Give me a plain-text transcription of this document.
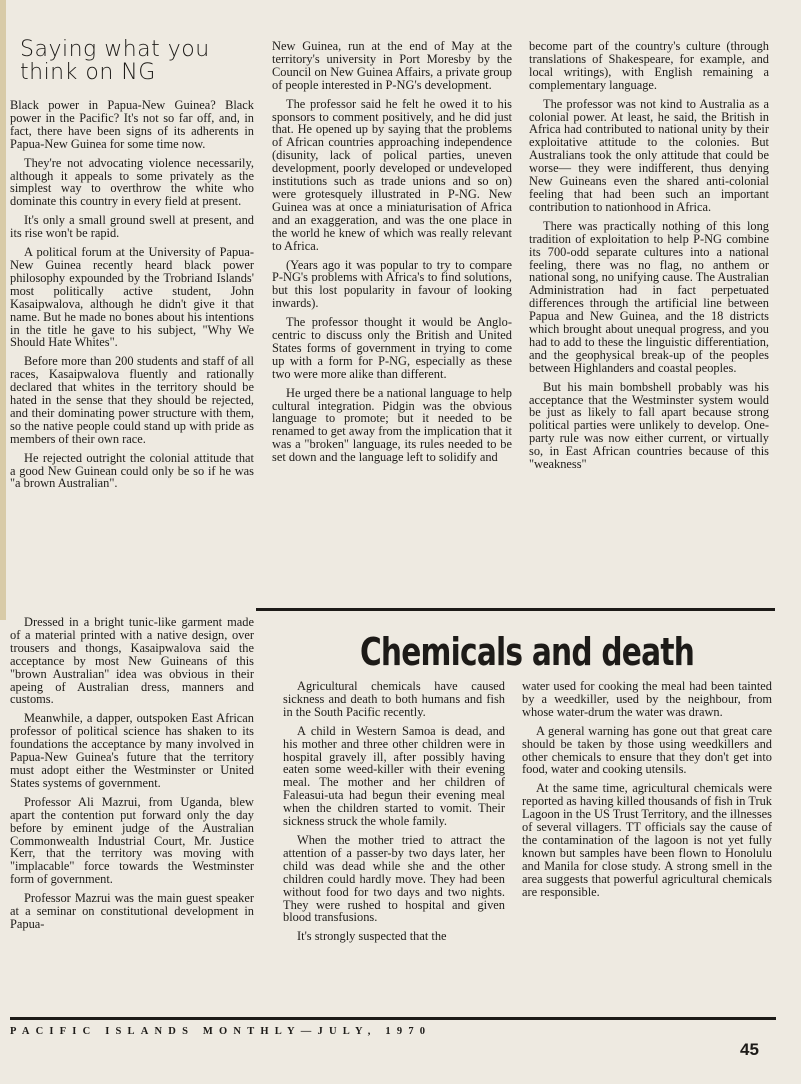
Saying what you think on NG

Black power in Papua-New Guinea? Black power in the Pacific? It's not so far off, and, in fact, there have been signs of its adherents in Papua-New Guinea for some time now.

They're not advocating violence necessarily, although it appeals to some privately as the simplest way to overthrow the white who dominate this country in every field at present.

It's only a small ground swell at present, and its rise won't be rapid.

A political forum at the University of Papua-New Guinea recently heard black power philosophy expounded by the Trobriand Islands' most politically active student, John Kasaipwalova, although he didn't give it that name. But he made no bones about his intentions in the title he gave to his subject, "Why We Should Hate Whites".

Before more than 200 students and staff of all races, Kasaipwalova fluently and rationally declared that whites in the territory should be hated in the sense that they should be rejected, and their dominating power structure with them, so the native people could stand up with pride as members of their own race.

He rejected outright the colonial attitude that a good New Guinean could only be so if he was "a brown Australian".

Dressed in a bright tunic-like garment made of a material printed with a native design, over trousers and thongs, Kasaipwalova said the acceptance by most New Guineans of this "brown Australian" idea was obvious in their apeing of Australian dress, manners and customs.

Meanwhile, a dapper, outspoken East African professor of political science has shaken to its foundations the acceptance by many involved in Papua-New Guinea's future that the territory must adopt either the Westminster or United States systems of government.

Professor Ali Mazrui, from Uganda, blew apart the contention put forward only the day before by eminent judge of the Australian Commonwealth Industrial Court, Mr. Justice Kerr, that the territory was moving with "implacable" force towards the Westminster form of government.

Professor Mazrui was the main guest speaker at a seminar on constitutional development in Papua-

New Guinea, run at the end of May at the territory's university in Port Moresby by the Council on New Guinea Affairs, a private group of people interested in P-NG's development.

The professor said he felt he owed it to his sponsors to comment positively, and he did just that. He opened up by saying that the problems of African countries approaching independence (disunity, lack of polical parties, uneven development, poorly developed or undeveloped institutions such as trade unions and so on) were grotesquely illustrated in P-NG. New Guinea was at once a miniaturisation of Africa and an exaggeration, and was the one place in the world he knew of which was really relevant to Africa.

(Years ago it was popular to try to compare P-NG's problems with Africa's to find solutions, but this lost popularity in favour of looking inwards).

The professor thought it would be Anglo-centric to discuss only the British and United States forms of government in trying to come up with a form for P-NG, especially as these two were more alike than different.

He urged there be a national language to help cultural integration. Pidgin was the obvious language to promote; but it needed to be renamed to get away from the implication that it was a "broken" language, its rules needed to be set down and the language left to solidify and

become part of the country's culture (through translations of Shakespeare, for example, and local writings), with English remaining a complementary language.

The professor was not kind to Australia as a colonial power. At least, he said, the British in Africa had contributed to national unity by their exploitative attitude to the colonies. But Australians took the only attitude that could be worse— they were indifferent, thus denying New Guineans even the shared anti-colonial feeling that had been such an important contribution to nationhood in Africa.

There was practically nothing of this long tradition of exploitation to help P-NG combine its 700-odd separate cultures into a national feeling, there was no flag, no anthem or national song, no unifying cause. The Australian Administration had in fact perpetuated differences through the artificial line between Papua and New Guinea, and the 18 districts which brought about unequal progress, and you had to add to these the linguistic differentiation, and the geophysical break-up of the peoples between Highlanders and coastal peoples.

But his main bombshell probably was his acceptance that the Westminster system would be just as likely to fall apart because strong political parties were unlikely to develop. One-party rule was now either current, or virtually so, in East African countries because of this "weakness"

Chemicals and death

Agricultural chemicals have caused sickness and death to both humans and fish in the South Pacific recently.

A child in Western Samoa is dead, and his mother and three other children were in hospital gravely ill, after possibly having eaten some weed-killer with their evening meal. The mother and her children of Faleasui-uta had begun their evening meal when the children started to vomit. Their sickness struck the whole family.

When the mother tried to attract the attention of a passer-by two days later, her child was dead while she and the other children could hardly move. They had been without food for two days and two nights. They were rushed to hospital and given blood transfusions.

It's strongly suspected that the

water used for cooking the meal had been tainted by a weedkiller, used by the neighbour, from whose water-drum the water was drawn.

A general warning has gone out that great care should be taken by those using weedkillers and other chemicals to ensure that they don't get into food, water and cooking utensils.

At the same time, agricultural chemicals were reported as having killed thousands of fish in Truk Lagoon in the US Trust Territory, and the illnesses of several villagers. TT officials say the cause of the contamination of the lagoon is not yet fully known but samples have been flown to Honolulu and Manila for close study. A strong smell in the area suggests that powerful agricultural chemicals are responsible.

PACIFIC ISLANDS MONTHLY—JULY, 1970
45
